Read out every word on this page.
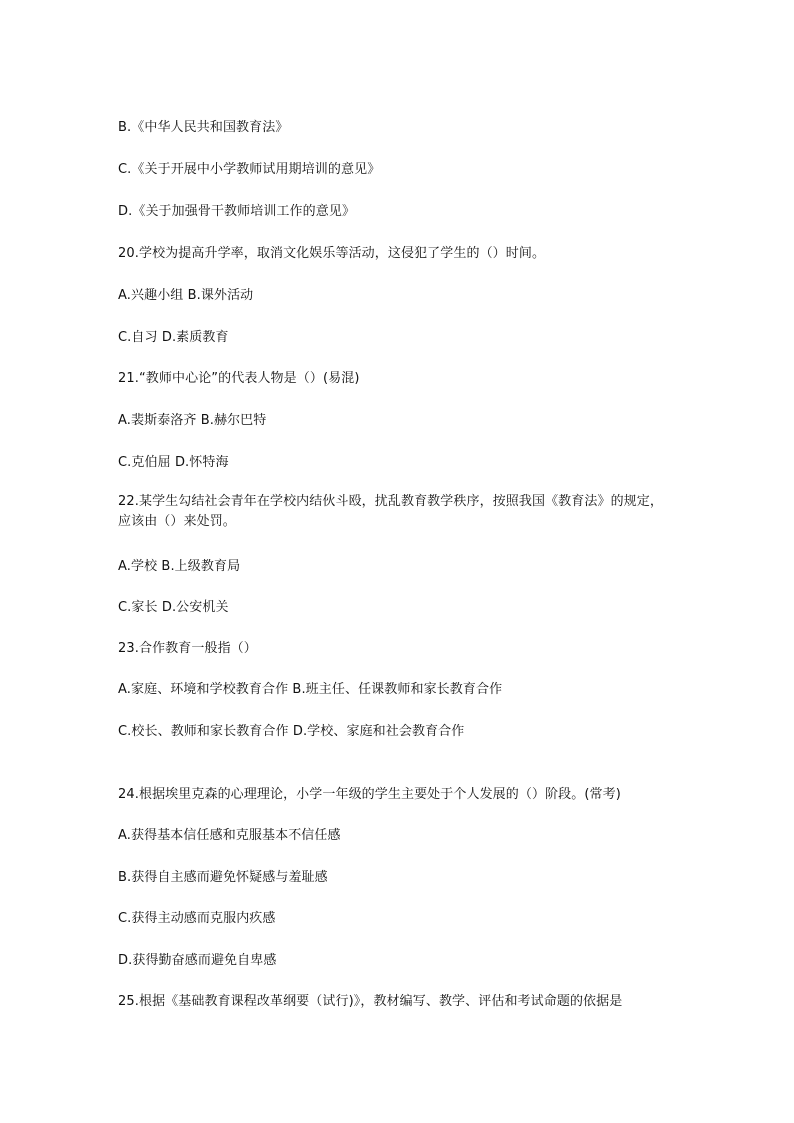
B.《中华人民共和国教育法》
C.《关于开展中小学教师试用期培训的意见》
D.《关于加强骨干教师培训工作的意见》
20.学校为提高升学率，取消文化娱乐等活动，这侵犯了学生的（）时间。
A.兴趣小组 B.课外活动
C.自习 D.素质教育
21.“教师中心论”的代表人物是（）(易混)
A.裴斯泰洛齐 B.赫尔巴特
C.克伯屈 D.怀特海
22.某学生勾结社会青年在学校内结伙斗殴，扰乱教育教学秩序，按照我国《教育法》的规定，应该由（）来处罚。
A.学校 B.上级教育局
C.家长 D.公安机关
23.合作教育一般指（）
A.家庭、环境和学校教育合作 B.班主任、任课教师和家长教育合作
C.校长、教师和家长教育合作 D.学校、家庭和社会教育合作
24.根据埃里克森的心理理论，小学一年级的学生主要处于个人发展的（）阶段。(常考)
A.获得基本信任感和克服基本不信任感
B.获得自主感而避免怀疑感与羞耻感
C.获得主动感而克服内疚感
D.获得勤奋感而避免自卑感
25.根据《基础教育课程改革纲要（试行)》，教材编写、教学、评估和考试命题的依据是
